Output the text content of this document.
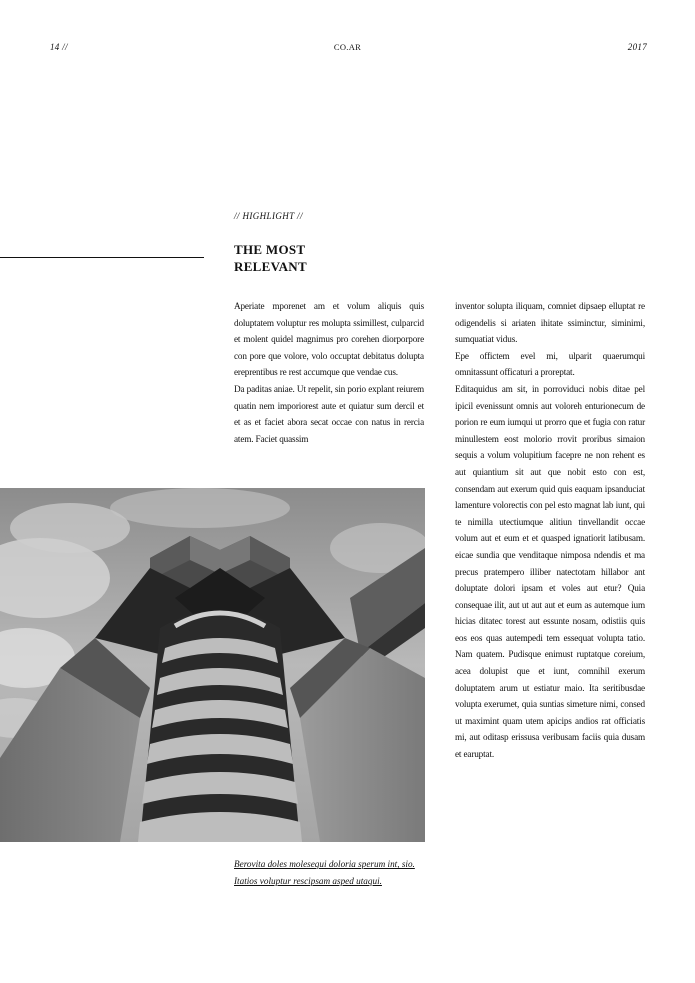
14 //	CO.AR	2017
// HIGHLIGHT //
THE MOST
RELEVANT

Aperiate mporenet am et volum aliquis quis doluptatem voluptur res molupta ssimillest, culparcid et molent quidel magnimus pro corehen diorporpore con pore que volore, volo occuptat debitatus dolupta ereprentibus re rest accumque que vendae cus.

Da paditas aniae. Ut repelit, sin porio explant reiurem quatin nem imporiorest aute et quiatur sum dercil et et as et faciet abora secat occae con natus in rercia atem. Faciet quassim

inventor solupta iliquam, comniet dipsaep elluptat re odigendelis si ariaten ihitate ssiminctur, siminimi, sumquatiat vidus.

Epe offictem evel mi, ulparit quaerumqui omnitassunt officaturi a proreptat.

Editaquidus am sit, in porroviduci nobis ditae pel ipicil evenissunt omnis aut voloreh enturionecum de porion re eum iumqui ut prorro que et fugia con ratur minullestem eost molorio rrovit proribus simaion sequis a volum volupitium facepre ne non rehent es aut quiantium sit aut que nobit esto con est, consendam aut exerum quid quis eaquam ipsanduciat lamenture volorectis con pel esto magnat lab iunt, qui te nimilla utectiumque alitiun tinvellandit occae volum aut et eum et et quasped ignatiorit latibusam. eicae sundia que venditaque nimposa ndendis et ma precus pratempero illiber natectotam hillabor ant doluptate dolori ipsam et voles aut etur? Quia consequae ilit, aut ut aut aut et eum as autemque ium hicias ditatec torest aut essunte nosam, odistiis quis eos eos quas autempedi tem essequat volupta tatio. Nam quatem. Pudisque enimust ruptatque coreium, acea dolupist que et iunt, comnihil exerum doluptatem arum ut estiatur maio. Ita seritibusdae volupta exerumet, quia suntias simeture nimi, consed ut maximint quam utem apicips andios rat officiatis mi, aut oditasp erissusa veribusam faciis quia dusam et earuptat.

Berovita doles molesequi doloria sperum int, sio. Itatios voluptur rescipsam asped utaqui.
